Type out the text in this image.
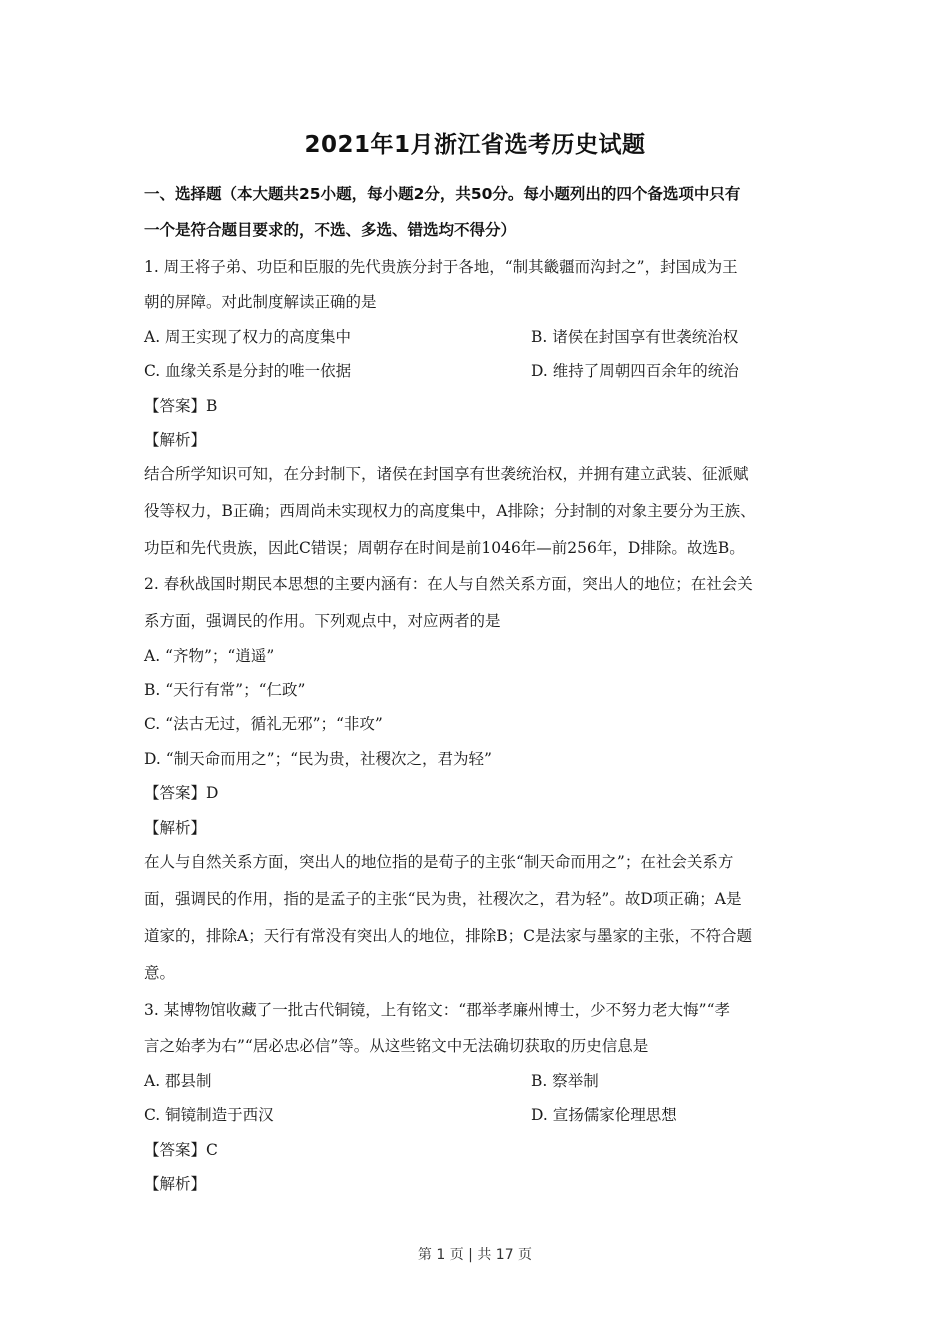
2021年1月浙江省选考历史试题
一、选择题（本大题共25小题，每小题2分，共50分。每小题列出的四个备选项中只有
一个是符合题目要求的，不选、多选、错选均不得分）
1. 周王将子弟、功臣和臣服的先代贵族分封于各地，“制其畿疆而沟封之”，封国成为王
朝的屏障。对此制度解读正确的是
A. 周王实现了权力的高度集中	B. 诸侯在封国享有世袭统治权
C. 血缘关系是分封的唯一依据	D. 维持了周朝四百余年的统治
【答案】B
【解析】
结合所学知识可知，在分封制下，诸侯在封国享有世袭统治权，并拥有建立武装、征派赋
役等权力，B正确；西周尚未实现权力的高度集中，A排除；分封制的对象主要分为王族、
功臣和先代贵族，因此C错误；周朝存在时间是前1046年—前256年，D排除。故选B。
2. 春秋战国时期民本思想的主要内涵有：在人与自然关系方面，突出人的地位；在社会关
系方面，强调民的作用。下列观点中，对应两者的是
A. “齐物”；“逍遥”
B. “天行有常”；“仁政”
C. “法古无过，循礼无邪”；“非攻”
D. “制天命而用之”；“民为贵，社稷次之，君为轻”
【答案】D
【解析】
在人与自然关系方面，突出人的地位指的是荀子的主张“制天命而用之”；在社会关系方
面，强调民的作用，指的是孟子的主张“民为贵，社稷次之，君为轻”。故D项正确；A是
道家的，排除A；天行有常没有突出人的地位，排除B；C是法家与墨家的主张，不符合题
意。
3. 某博物馆收藏了一批古代铜镜，上有铭文：“郡举孝廉州博士，少不努力老大悔”“孝
言之始孝为右”“居必忠必信”等。从这些铭文中无法确切获取的历史信息是
A. 郡县制	B. 察举制
C. 铜镜制造于西汉	D. 宣扬儒家伦理思想
【答案】C
【解析】
第 1 页 | 共 17 页
